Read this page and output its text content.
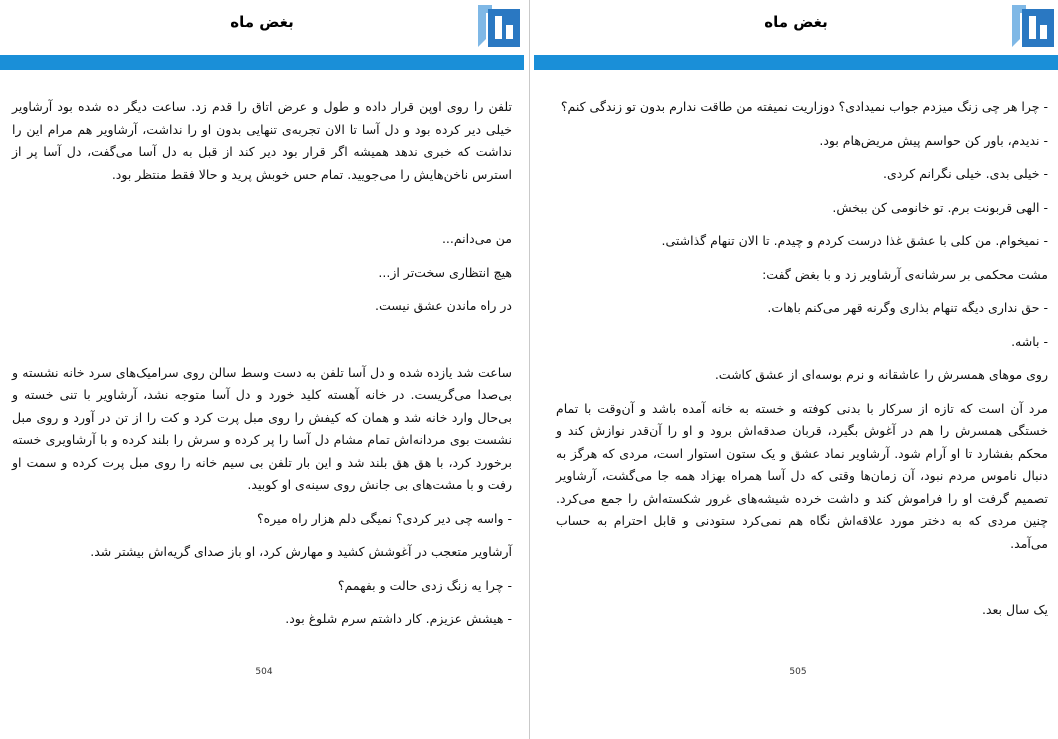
بغض ماه

تلفن را روی اوپن قرار داده و طول و عرض اتاق را قدم زد. ساعت دیگر ده شده بود آرشاویر خیلی دیر کرده بود و دل آسا تا الان تجربه‌ی تنهایی بدون او را نداشت، آرشاویر هم مرام این را نداشت که خبری ندهد همیشه اگر قرار بود دیر کند از قبل به دل آسا می‌گفت، دل آسا پر از استرس ناخن‌هایش را می‌جویید. تمام حس خوبش پرید و حالا فقط منتظر بود.

من می‌دانم...

هیچ انتظاری سخت‌تر از...

در راه ماندن عشق نیست.

ساعت شد یازده شده و دل آسا تلفن به دست وسط سالن روی سرامیک‌های سرد خانه نشسته و بی‌صدا می‌گریست. در خانه آهسته کلید خورد و دل آسا متوجه نشد، آرشاویر با تنی خسته و بی‌حال وارد خانه شد و همان که کیفش را روی مبل پرت کرد و کت را از تن در آورد و روی مبل نشست بوی مردانه‌اش تمام مشام دل آسا را پر کرده و سرش را بلند کرده و با آرشاویری خسته برخورد کرد، با هق هق بلند شد و این بار تلفن بی سیم خانه را روی مبل پرت کرده و سمت او رفت و با مشت‌های بی جانش روی سینه‌ی او کوبید.

- واسه چی دیر کردی؟ نمیگی دلم هزار راه میره؟

آرشاویر متعجب در آغوشش کشید و مهارش کرد، او باز صدای گریه‌اش بیشتر شد.

- چرا یه زنگ زدی حالت و بفهمم؟

- هیشش عزیزم. کار داشتم سرم شلوغ بود.

504
بغض ماه

- چرا هر چی زنگ میزدم جواب نمیدادی؟ دوزاریت نمیفته من طاقت ندارم بدون تو زندگی کنم؟

- ندیدم، باور کن حواسم پیش مریض‌هام بود.

- خیلی بدی. خیلی نگرانم کردی.

- الهی قربونت برم. تو خانومی کن ببخش.

- نمیخوام. من کلی با عشق غذا درست کردم و چیدم. تا الان تنهام گذاشتی.

مشت محکمی بر سرشانه‌ی آرشاویر زد و با بغض گفت:

- حق نداری دیگه تنهام بذاری وگرنه قهر می‌کنم باهات.

- باشه.

روی موهای همسرش را عاشقانه و نرم بوسه‌ای از عشق کاشت.

مرد آن است که تازه از سرکار با بدنی کوفته و خسته به خانه آمده باشد و آن‌وقت با تمام خستگی همسرش را هم در آغوش بگیرد، قربان صدقه‌اش برود و او را آن‌قدر نوازش کند و محکم بفشارد تا او آرام شود. آرشاویر نماد عشق و یک ستون استوار است، مردی که هرگز به دنبال ناموس مردم نبود، آن زمان‌ها وقتی که دل آسا همراه بهزاد همه جا می‌گشت، آرشاویر تصمیم گرفت او را فراموش کند و داشت خرده شیشه‌های غرور شکسته‌اش را جمع می‌کرد. چنین مردی که به دختر مورد علاقه‌اش نگاه هم نمی‌کرد ستودنی و قابل احترام به حساب می‌آمد.

یک سال بعد.

505
